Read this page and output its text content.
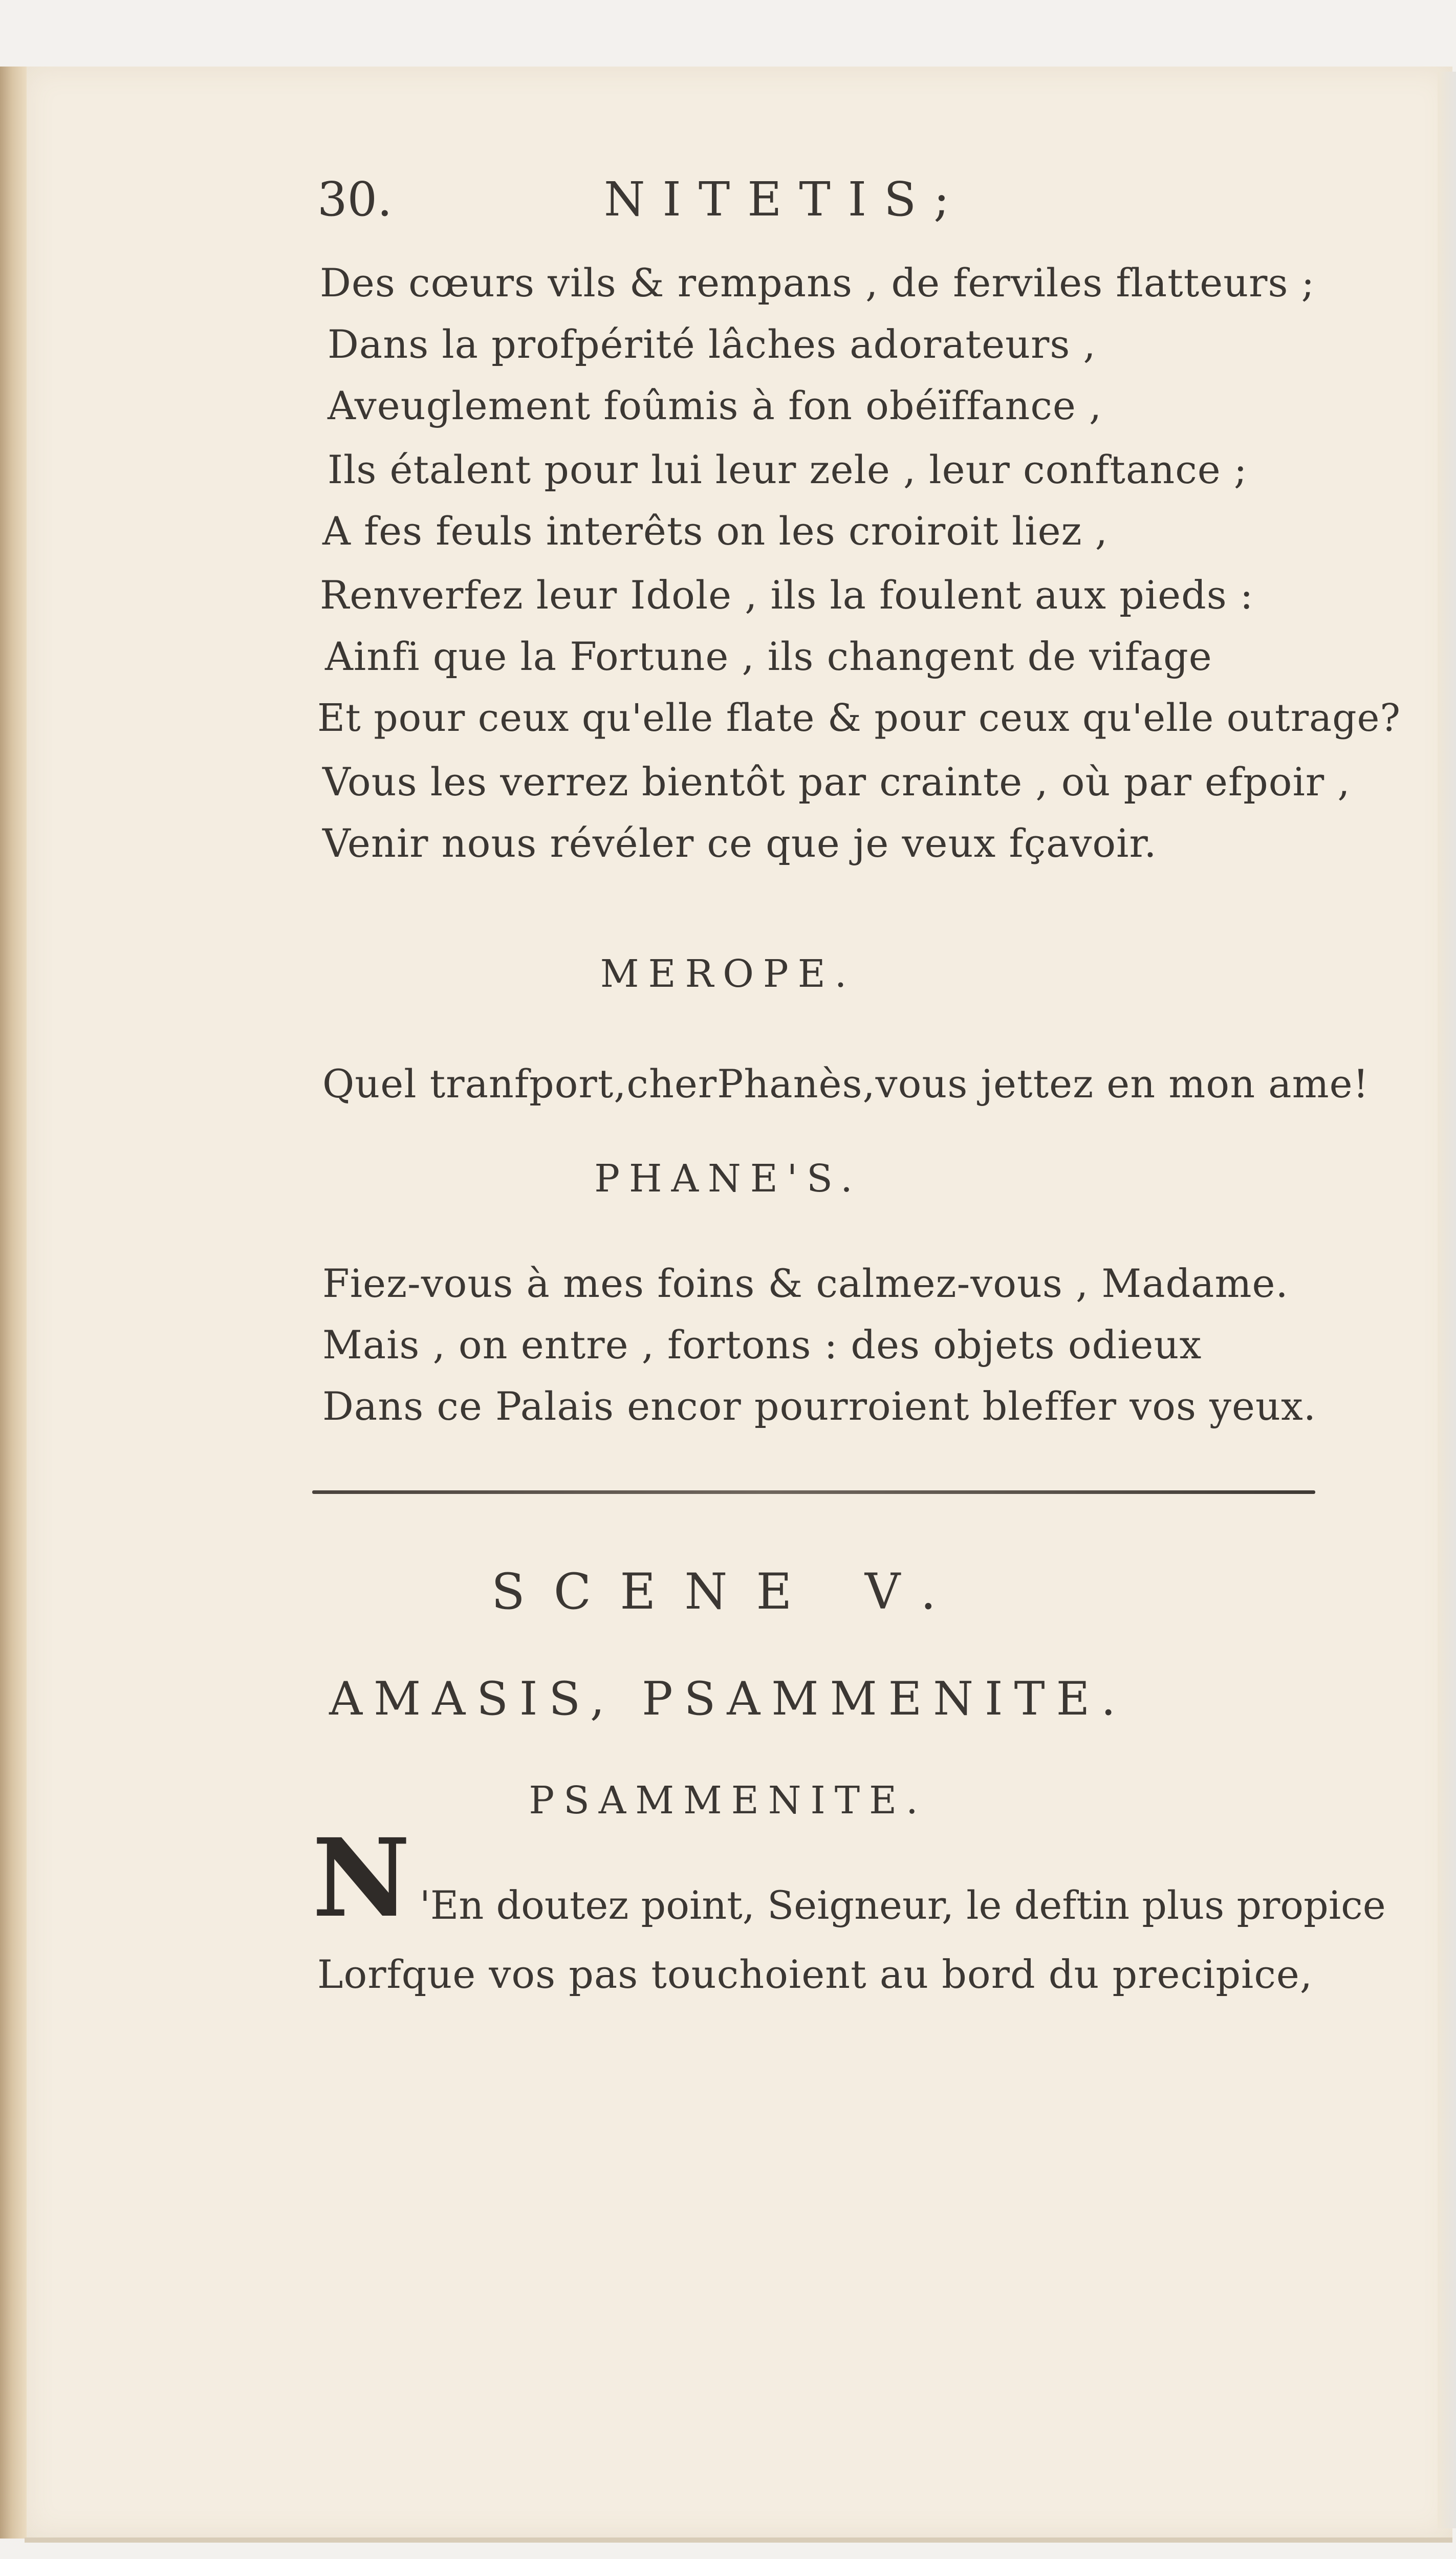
30.	NITETIS;
Des cœurs vils & rempans , de ferviles flatteurs ;
Dans la profpérité lâches adorateurs ,
Aveuglement foûmis à fon obéïffance ,
Ils étalent pour lui leur zele , leur conftance ;
A fes feuls interêts on les croiroit liez ,
Renverfez leur Idole , ils la foulent aux pieds :
Ainfi que la Fortune , ils changent de vifage
Et pour ceux qu'elle flate & pour ceux qu'elle outrage?
Vous les verrez bientôt par crainte , où par efpoir ,
Venir nous révéler ce que je veux fçavoir.
MEROPE.
Quel tranfport,cherPhanès,vous jettez en mon ame!
PHANE'S.
Fiez-vous à mes foins & calmez-vous , Madame.
Mais , on entre , fortons : des objets odieux
Dans ce Palais encor pourroient bleffer vos yeux.
SCENE V.
AMASIS, PSAMMENITE.
PSAMMENITE.
N 'En doutez point, Seigneur, le deftin plus propice
Lorfque vos pas touchoient au bord du precipice,
